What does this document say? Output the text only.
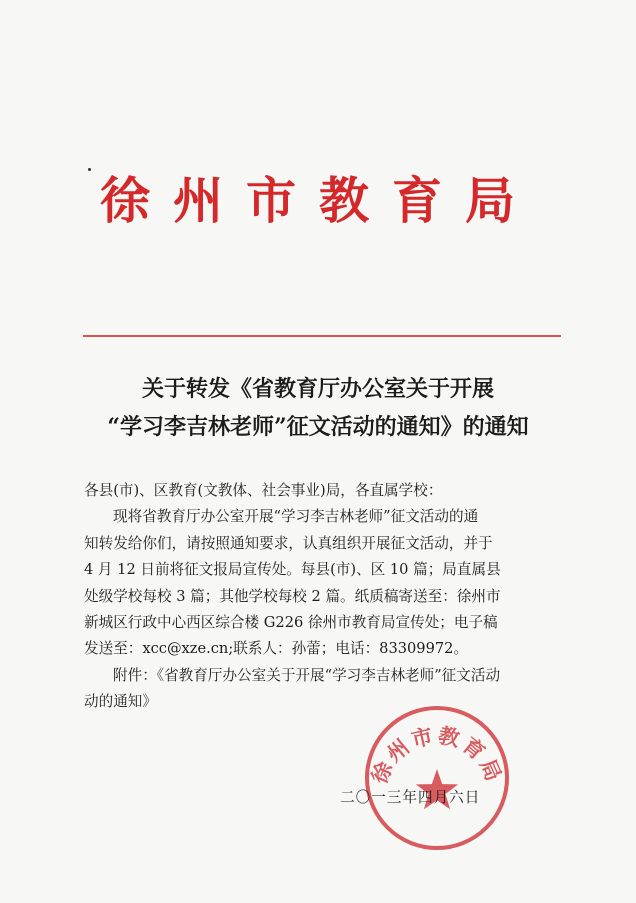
徐州市教育局
关于转发《省教育厅办公室关于开展
“学习李吉林老师”征文活动的通知》的通知

各县(市)、区教育(文教体、社会事业)局，各直属学校：

现将省教育厅办公室开展“学习李吉林老师”征文活动的通

知转发给你们，请按照通知要求，认真组织开展征文活动，并于

4 月 12 日前将征文报局宣传处。每县(市)、区 10 篇；局直属县

处级学校每校 3 篇；其他学校每校 2 篇。纸质稿寄送至：徐州市

新城区行政中心西区综合楼 G226 徐州市教育局宣传处；电子稿

发送至：xcc@xze.cn;联系人：孙蕾；电话：83309972。

附件：《省教育厅办公室关于开展“学习李吉林老师”征文活动

动的通知》

徐州市教育局
二〇一三年四月六日
